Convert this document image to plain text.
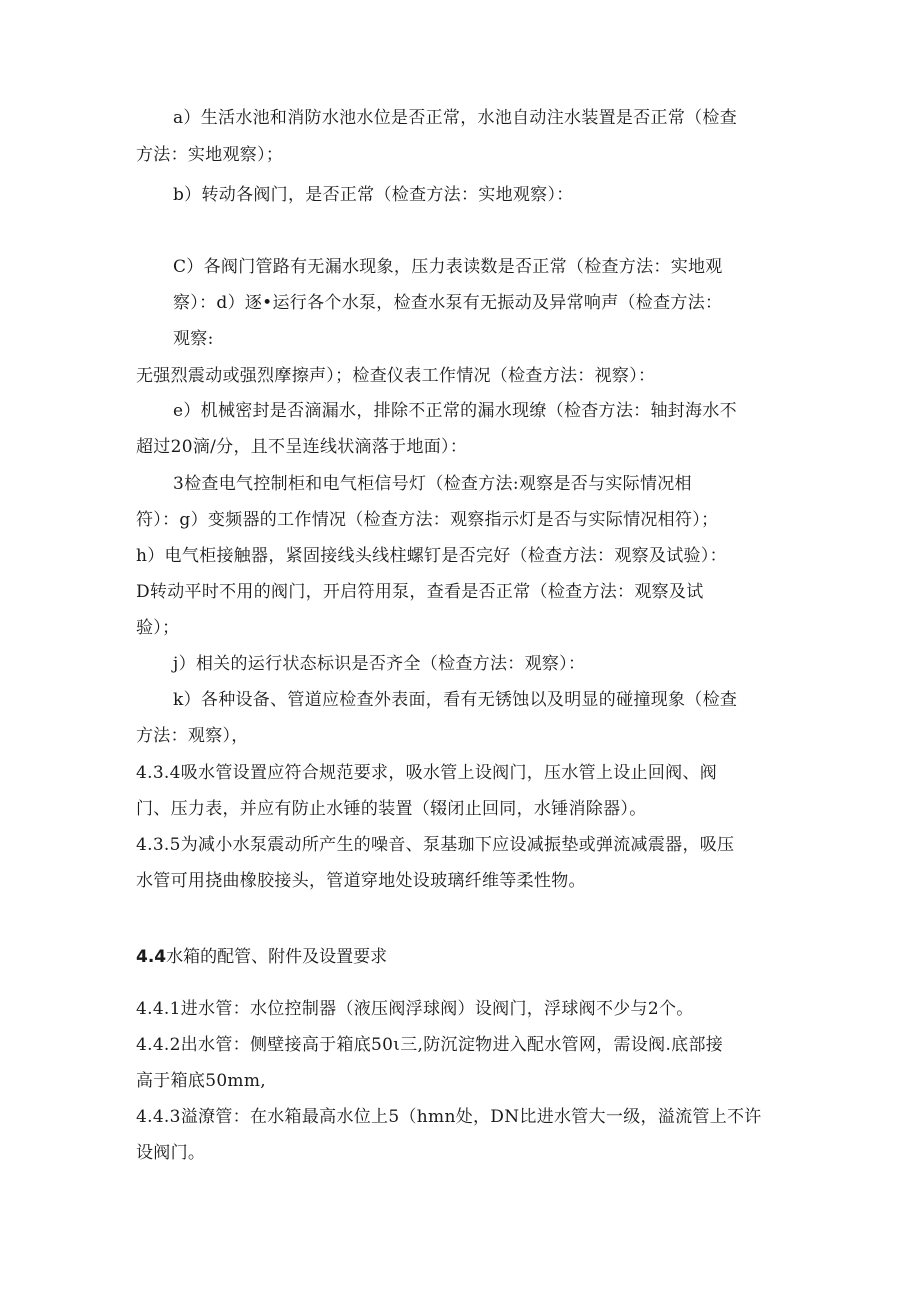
a）生活水池和消防水池水位是否正常，水池自动注水装置是否正常（检查
方法：实地观察）；
b）转动各阀门，是否正常（检查方法：实地观察）：
C）各阀门管路有无漏水现象，压力表读数是否正常（检查方法：实地观
察）：d）逐•运行各个水泵，检查水泵有无振动及异常响声（检查方法：
观察:
无强烈震动或强烈摩擦声）；检查仪表工作情况（检查方法：视察）：
e）机械密封是否滴漏水，排除不正常的漏水现缭（检杳方法：轴封海水不
超过20滴/分，且不呈连线状滴落于地面）：
3检查电气控制柜和电气柜信号灯（检查方法:观察是否与实际情况相
符）：g）变频器的工作情况（检查方法：观察指示灯是否与实际情况相符）；
h）电气柜接触器，紧固接线头线柱螺钉是否完好（检查方法：观察及试验）：
D转动平时不用的阀门，开启符用泵，查看是否正常（检查方法：观察及试
验）；
j）相关的运行状态标识是否齐全（检查方法：观察）：
k）各种设备、管道应检查外表面，看有无锈蚀以及明显的碰撞现象（检查
方法：观察），
4.3.4吸水管设置应符合规范要求，吸水管上设阀门，压水管上设止回阀、阀
门、压力表，并应有防止水锤的装置（辍闭止回同，水锤消除器）。
4.3.5为减小水泵震动所产生的噪音、泵基珈下应设减振垫或弹流减震器，吸压
水管可用挠曲橡胶接头，管道穿地处设玻璃纤维等柔性物。
4.4水箱的配管、附件及设置要求
4.4.1进水管：水位控制器（液压阀浮球阀）设阀门，浮球阀不少与2个。
4.4.2出水管：侧壁接高于箱底50ι三,防沉淀物进入配水管网，需设阀.底部接
高于箱底50mm,
4.4.3溢潦管：在水箱最高水位上5（hmn处，DN比进水管大一级，溢流管上不许
设阀门。
